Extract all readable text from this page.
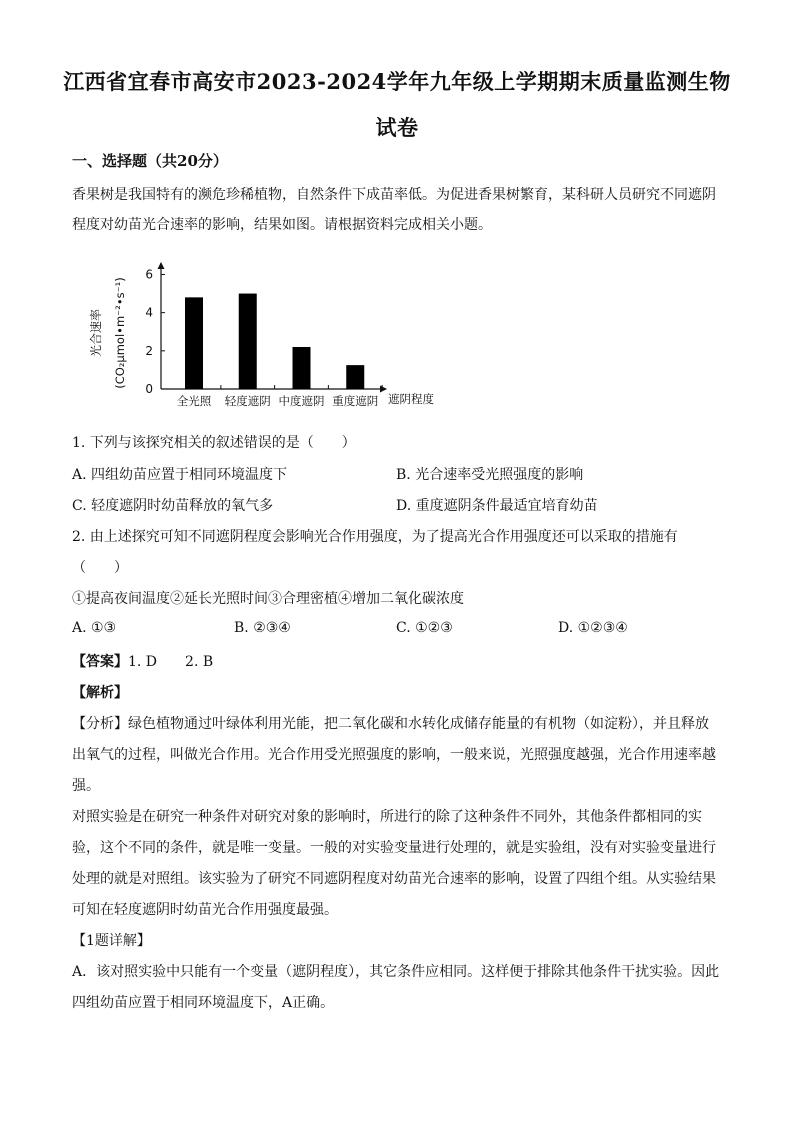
江西省宜春市高安市2023-2024学年九年级上学期期末质量监测生物
试卷
一、选择题（共20分）
香果树是我国特有的濒危珍稀植物，自然条件下成苗率低。为促进香果树繁育，某科研人员研究不同遮阴
程度对幼苗光合速率的影响，结果如图。请根据资料完成相关小题。
0
2
4
6
全光照 轻度遮阴 中度遮阴 重度遮阴 遮阴程度
光合速率 (CO₂μmol•m⁻²•s⁻¹)
1. 下列与该探究相关的叙述错误的是（　　）
A. 四组幼苗应置于相同环境温度下	B. 光合速率受光照强度的影响
C. 轻度遮阴时幼苗释放的氧气多	D. 重度遮阴条件最适宜培育幼苗
2. 由上述探究可知不同遮阴程度会影响光合作用强度，为了提高光合作用强度还可以采取的措施有
（　　）
①提高夜间温度②延长光照时间③合理密植④增加二氧化碳浓度
A. ①③	B. ②③④	C. ①②③	D. ①②③④
【答案】1. D　　2. B
【解析】
【分析】绿色植物通过叶绿体利用光能，把二氧化碳和水转化成储存能量的有机物（如淀粉），并且释放
出氧气的过程，叫做光合作用。光合作用受光照强度的影响，一般来说，光照强度越强，光合作用速率越
强。
对照实验是在研究一种条件对研究对象的影响时，所进行的除了这种条件不同外，其他条件都相同的实
验，这个不同的条件，就是唯一变量。一般的对实验变量进行处理的，就是实验组，没有对实验变量进行
处理的就是对照组。该实验为了研究不同遮阴程度对幼苗光合速率的影响，设置了四组个组。从实验结果
可知在轻度遮阴时幼苗光合作用强度最强。
【1题详解】
A．该对照实验中只能有一个变量（遮阴程度），其它条件应相同。这样便于排除其他条件干扰实验。因此
四组幼苗应置于相同环境温度下，A正确。
